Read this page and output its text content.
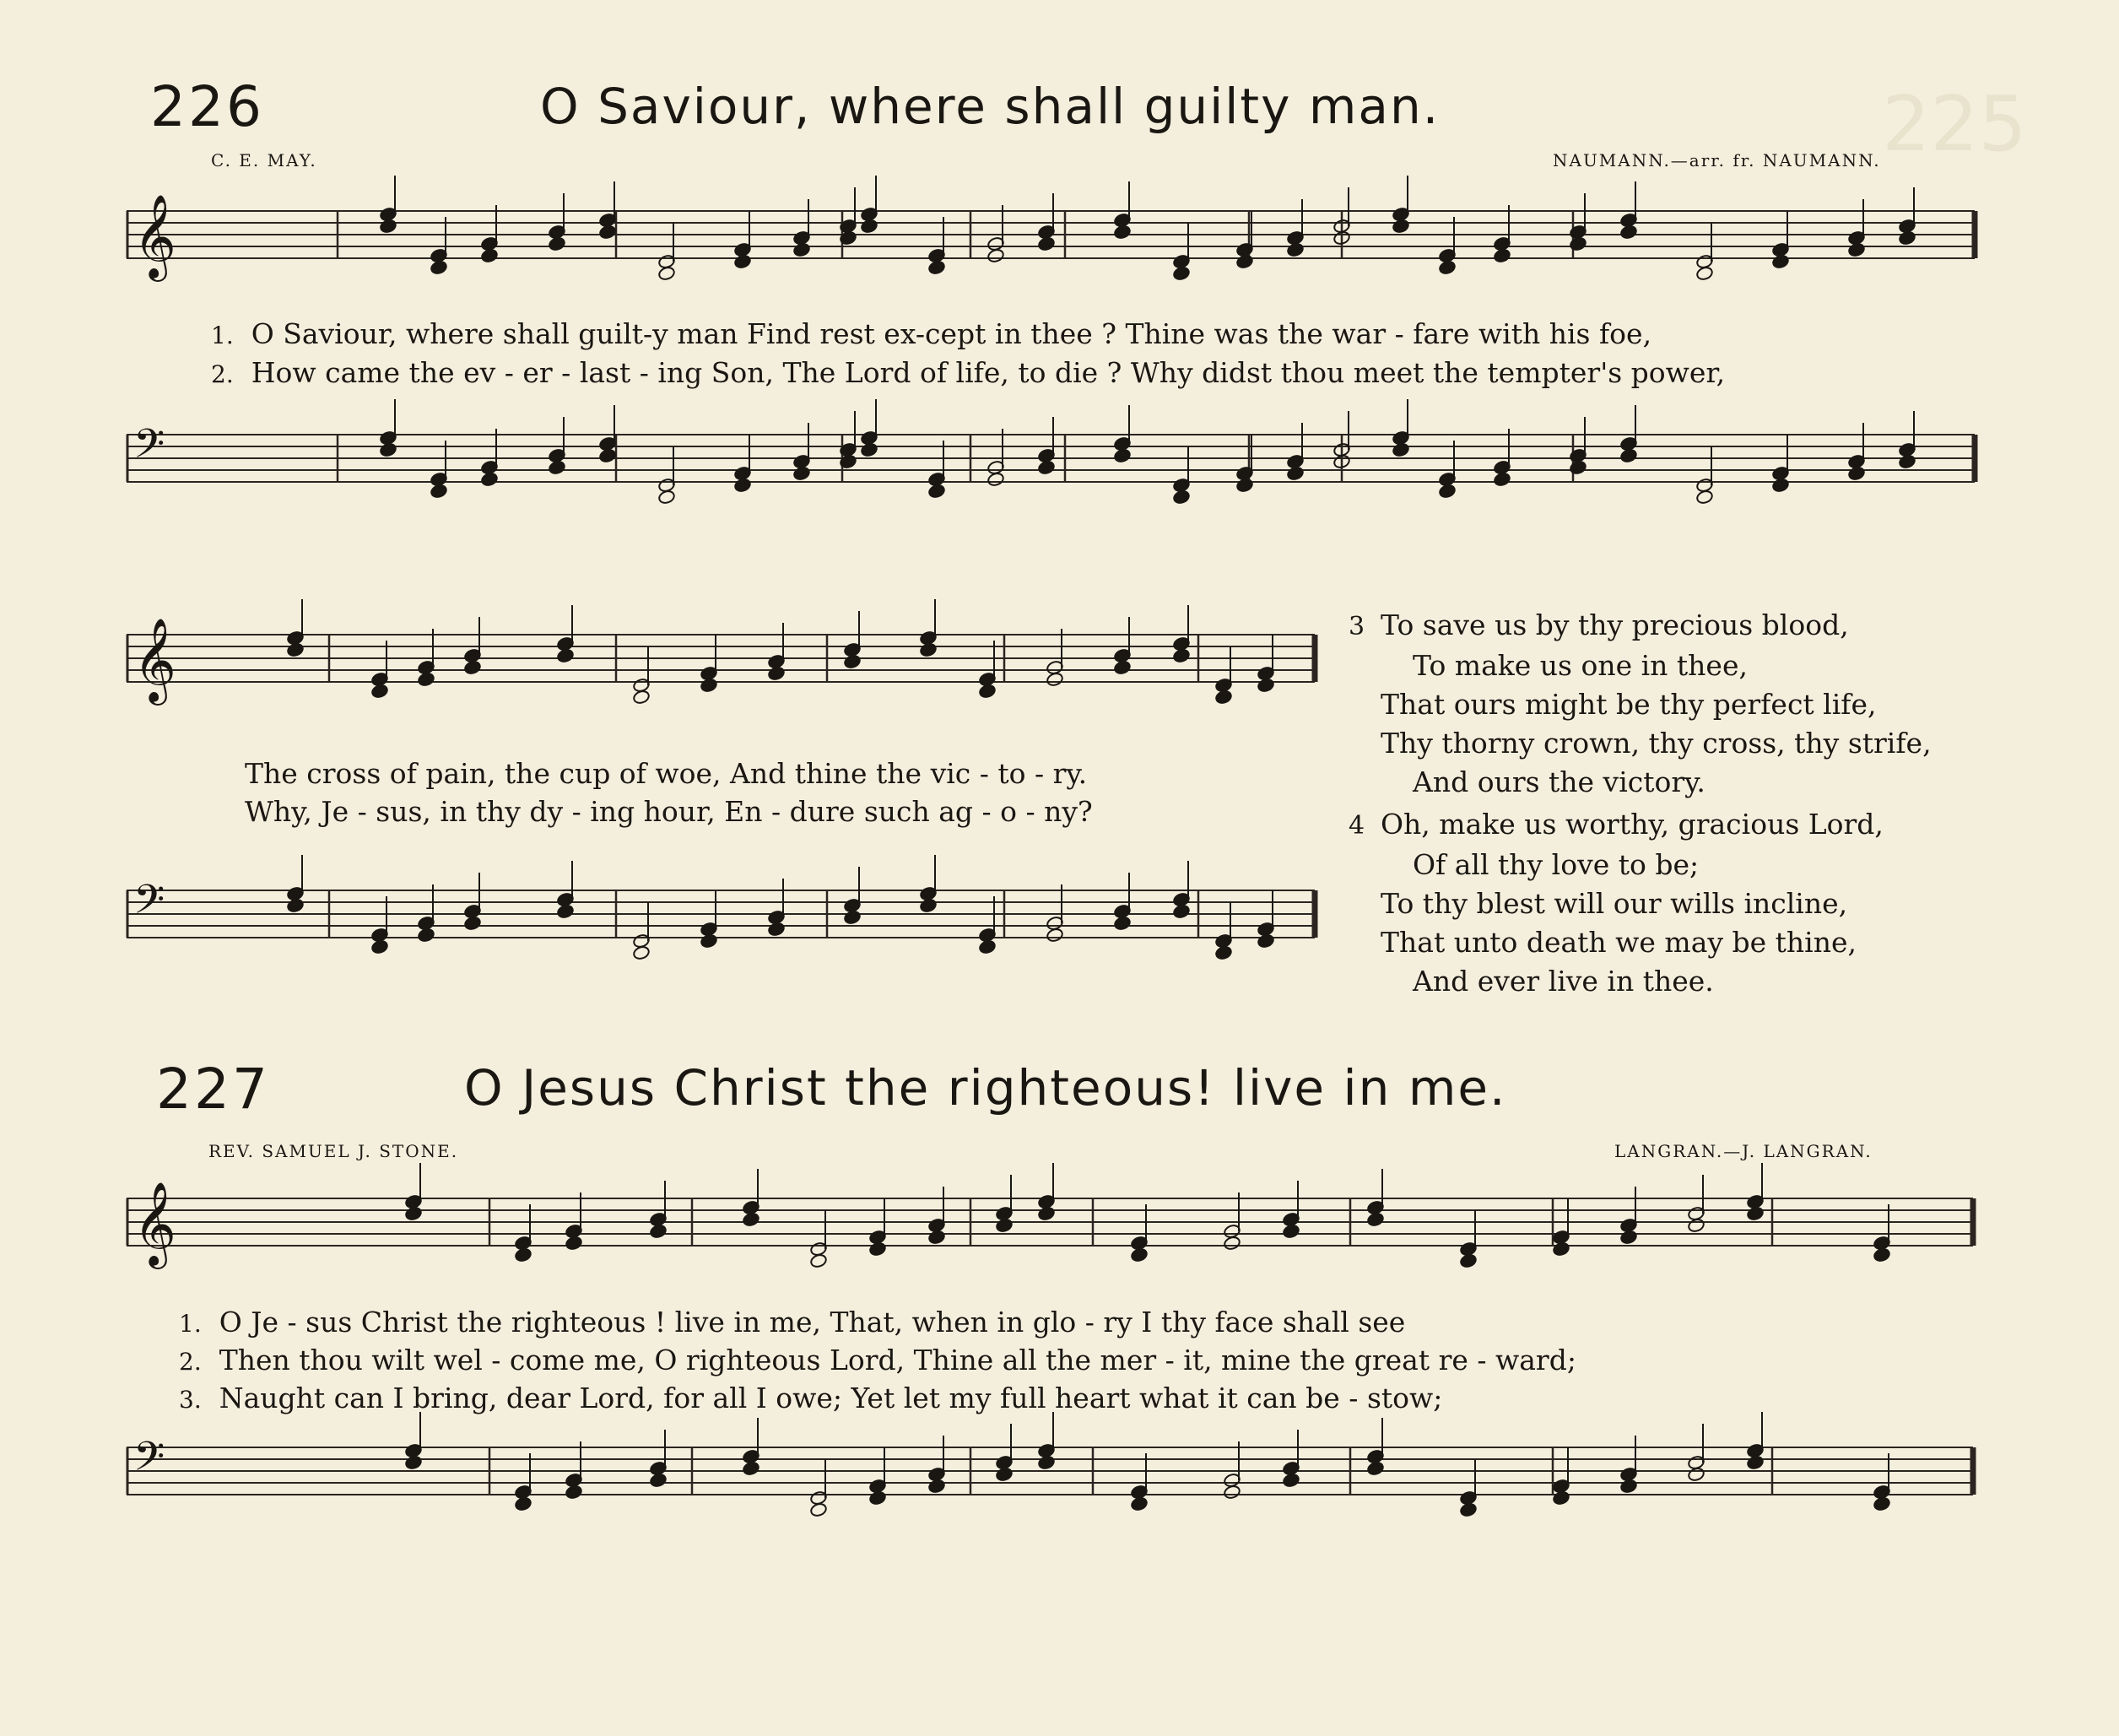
225
226	O Saviour, where shall guilty man.
C. E. MAY.	NAUMANN.—arr. fr. NAUMANN.
𝄞
1. O Saviour, where shall guilt-y man Find rest ex-cept in thee ? Thine was the war - fare with his foe,
2. How came the ev - er - last - ing Son, The Lord of life, to die ? Why didst thou meet the tempter's power,
𝄢
𝄞
The cross of pain, the cup of woe, And thine the vic - to - ry.
Why, Je - sus, in thy dy - ing hour, En - dure such ag - o - ny?
𝄢
3 To save us by thy precious blood,
To make us one in thee,
That ours might be thy perfect life,
Thy thorny crown, thy cross, thy strife,
And ours the victory.
4 Oh, make us worthy, gracious Lord,
Of all thy love to be;
To thy blest will our wills incline,
That unto death we may be thine,
And ever live in thee.
227	O Jesus Christ the righteous! live in me.
REV. SAMUEL J. STONE.	LANGRAN.—J. LANGRAN.
𝄞
1. O Je - sus Christ the righteous ! live in me, That, when in glo - ry I thy face shall see
2. Then thou wilt wel - come me, O righteous Lord, Thine all the mer - it, mine the great re - ward;
3. Naught can I bring, dear Lord, for all I owe; Yet let my full heart what it can be - stow;
𝄢
